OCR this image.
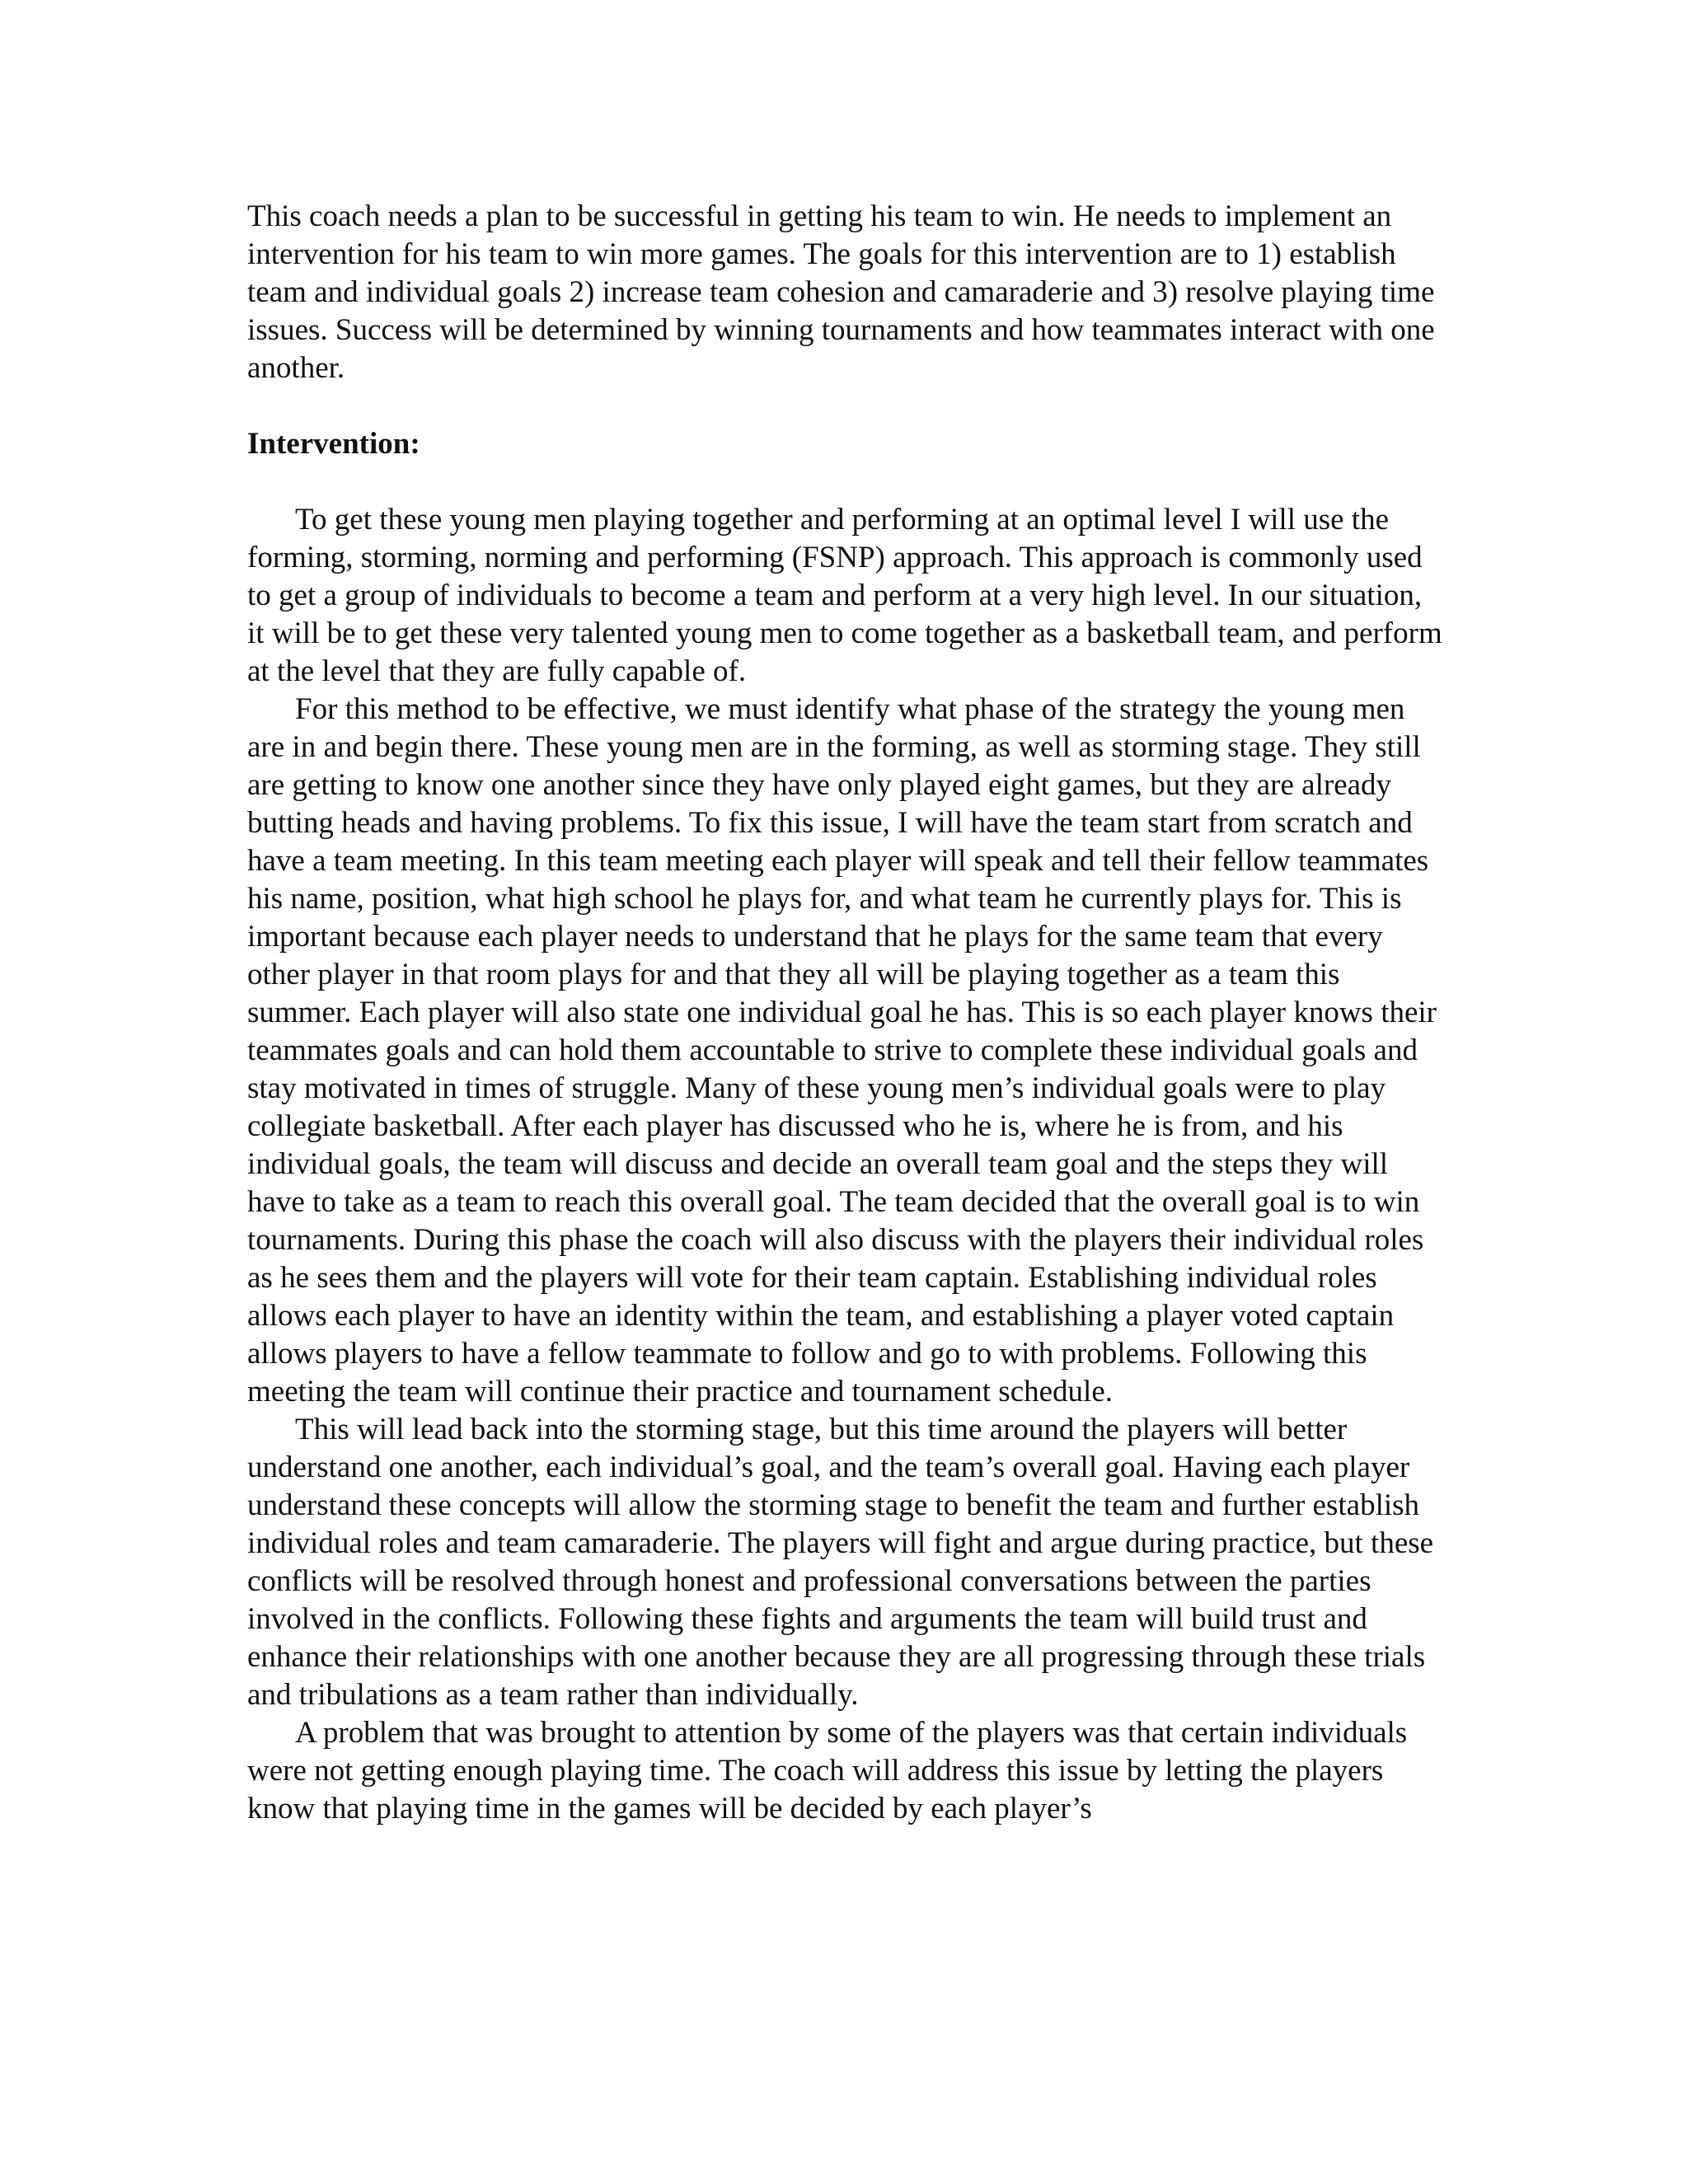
This coach needs a plan to be successful in getting his team to win. He needs to implement an intervention for his team to win more games. The goals for this intervention are to 1) establish team and individual goals 2) increase team cohesion and camaraderie and 3) resolve playing time issues. Success will be determined by winning tournaments and how teammates interact with one another.

Intervention:

To get these young men playing together and performing at an optimal level I will use the forming, storming, norming and performing (FSNP) approach. This approach is commonly used to get a group of individuals to become a team and perform at a very high level. In our situation, it will be to get these very talented young men to come together as a basketball team, and perform at the level that they are fully capable of.

For this method to be effective, we must identify what phase of the strategy the young men are in and begin there. These young men are in the forming, as well as storming stage. They still are getting to know one another since they have only played eight games, but they are already butting heads and having problems. To fix this issue, I will have the team start from scratch and have a team meeting. In this team meeting each player will speak and tell their fellow teammates his name, position, what high school he plays for, and what team he currently plays for. This is important because each player needs to understand that he plays for the same team that every other player in that room plays for and that they all will be playing together as a team this summer. Each player will also state one individual goal he has. This is so each player knows their teammates goals and can hold them accountable to strive to complete these individual goals and stay motivated in times of struggle. Many of these young men’s individual goals were to play collegiate basketball. After each player has discussed who he is, where he is from, and his individual goals, the team will discuss and decide an overall team goal and the steps they will have to take as a team to reach this overall goal. The team decided that the overall goal is to win tournaments. During this phase the coach will also discuss with the players their individual roles as he sees them and the players will vote for their team captain. Establishing individual roles allows each player to have an identity within the team, and establishing a player voted captain allows players to have a fellow teammate to follow and go to with problems. Following this meeting the team will continue their practice and tournament schedule.

This will lead back into the storming stage, but this time around the players will better understand one another, each individual’s goal, and the team’s overall goal. Having each player understand these concepts will allow the storming stage to benefit the team and further establish individual roles and team camaraderie. The players will fight and argue during practice, but these conflicts will be resolved through honest and professional conversations between the parties involved in the conflicts. Following these fights and arguments the team will build trust and enhance their relationships with one another because they are all progressing through these trials and tribulations as a team rather than individually.

A problem that was brought to attention by some of the players was that certain individuals were not getting enough playing time. The coach will address this issue by letting the players know that playing time in the games will be decided by each player’s
